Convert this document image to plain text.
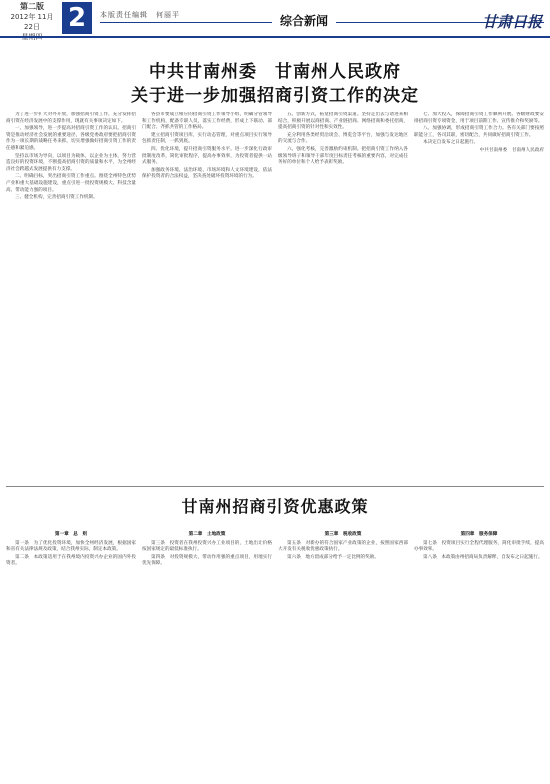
第二版
2012年 11月 22日	2	本版责任编辑　何丽平	综合新闻	甘肃日报
中共甘南州委　甘南州人民政府
关于进一步加强招商引资工作的决定

为了进一步扩大对外开放，加强招商引资工作，充分发挥招商引资在经济发展中的支撑作用，现就有关事项决定如下。

一、加强领导，进一步提高对招商引资工作的认识。招商引资是推动经济社会发展的重要途径，各级党委政府要把招商引资作为一项长期的战略任务来抓，切实增强做好招商引资工作的责任感和紧迫感。

坚持以市场为导向，以项目为载体，以企业为主体，努力营造良好的投资环境，不断提高招商引资的质量和水平，为全州经济社会跨越式发展提供有力支撑。

二、明确目标，突出招商引资工作重点。围绕全州特色优势产业和重大基础设施建设，重点引进一批投资规模大、科技含量高、带动能力强的项目。

三、健全机构，完善招商引资工作机制。

各县市要成立相应的招商引资工作领导小组，明确分管领导和工作机构，配备专职人员，落实工作经费，形成上下联动、部门配合、齐抓共管的工作格局。

建立招商引资项目库，实行动态管理，对重点项目实行领导包抓责任制，一抓到底。

四、优化环境，提升招商引资服务水平。进一步深化行政审批制度改革，简化审批程序，提高办事效率，为投资者提供一站式服务。

加强政务环境、法治环境、市场环境和人文环境建设，依法保护投资者的合法权益，坚决查处破坏投资环境的行为。

五、创新方式，拓宽招商引资渠道。坚持走出去与请进来相结合，积极开展以商招商、产业链招商、网络招商和委托招商，提高招商引资的针对性和实效性。

充分利用各类经贸洽谈会、博览会等平台，加强与发达地区的交流与合作。

六、强化考核，完善激励约束机制。把招商引资工作纳入各级领导班子和领导干部年度目标责任考核的重要内容，对完成任务好的单位和个人给予表彰奖励。

七、加大投入，保障招商引资工作顺利开展。各级财政要安排招商引资专项资金，用于项目前期工作、宣传推介和奖励等。

八、加强协调，形成招商引资工作合力。各有关部门要按照职能分工，各司其职，密切配合，共同做好招商引资工作。

本决定自发布之日起施行。

中共甘南州委　甘南州人民政府

甘南州招商引资优惠政策

第一章　总　则

第一条　为了优化投资环境，加快全州经济发展，根据国家和省有关法律法规及政策，结合我州实际，制定本政策。

第二条　本政策适用于在我州境内投资兴办企业的国内外投资者。

第二章　土地政策

第三条　投资者在我州投资兴办工业项目的，土地出让价格按国家规定的最低标准执行。

第四条　对投资规模大、带动作用强的重点项目，用地实行优先保障。

第三章　税收政策

第五条　对新办的符合国家产业政策的企业，按照国家西部大开发有关税收优惠政策执行。

第六条　地方留成部分给予一定比例的奖励。

第四章　服务保障

第七条　投资项目实行全程代理服务，简化审批手续，提高办事效率。

第八条　本政策由州招商局负责解释，自发布之日起施行。
